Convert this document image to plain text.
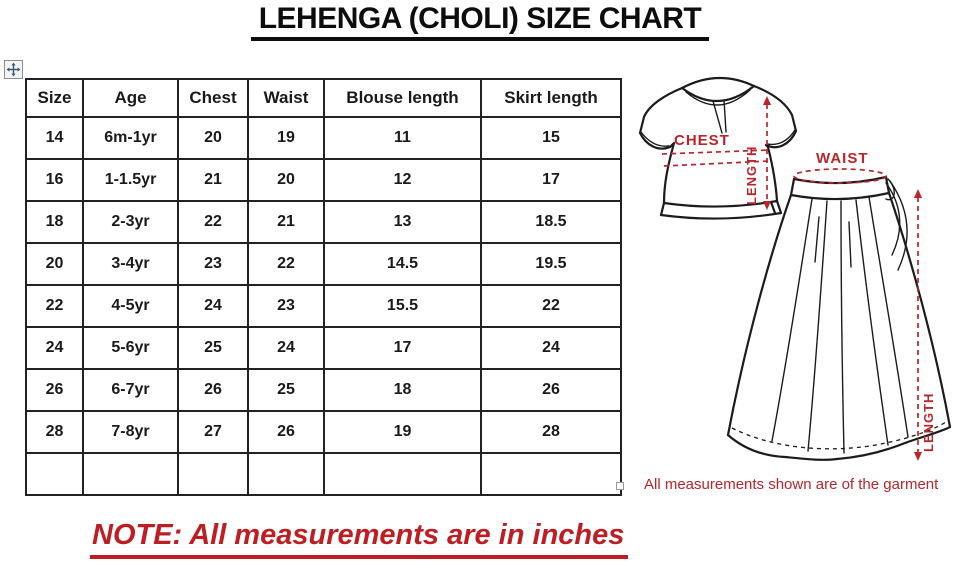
LEHENGA (CHOLI) SIZE CHART
Size	Age	Chest	Waist	Blouse length	Skirt length
14	6m-1yr	20	19	11	15
16	1-1.5yr	21	20	12	17
18	2-3yr	22	21	13	18.5
20	3-4yr	23	22	14.5	19.5
22	4-5yr	24	23	15.5	22
24	5-6yr	25	24	17	24
26	6-7yr	26	25	18	26
28	7-8yr	27	26	19	28

CHEST
LENGTH	WAIST
LENGTH
All measurements shown are of the garment
NOTE: All measurements are in inches
